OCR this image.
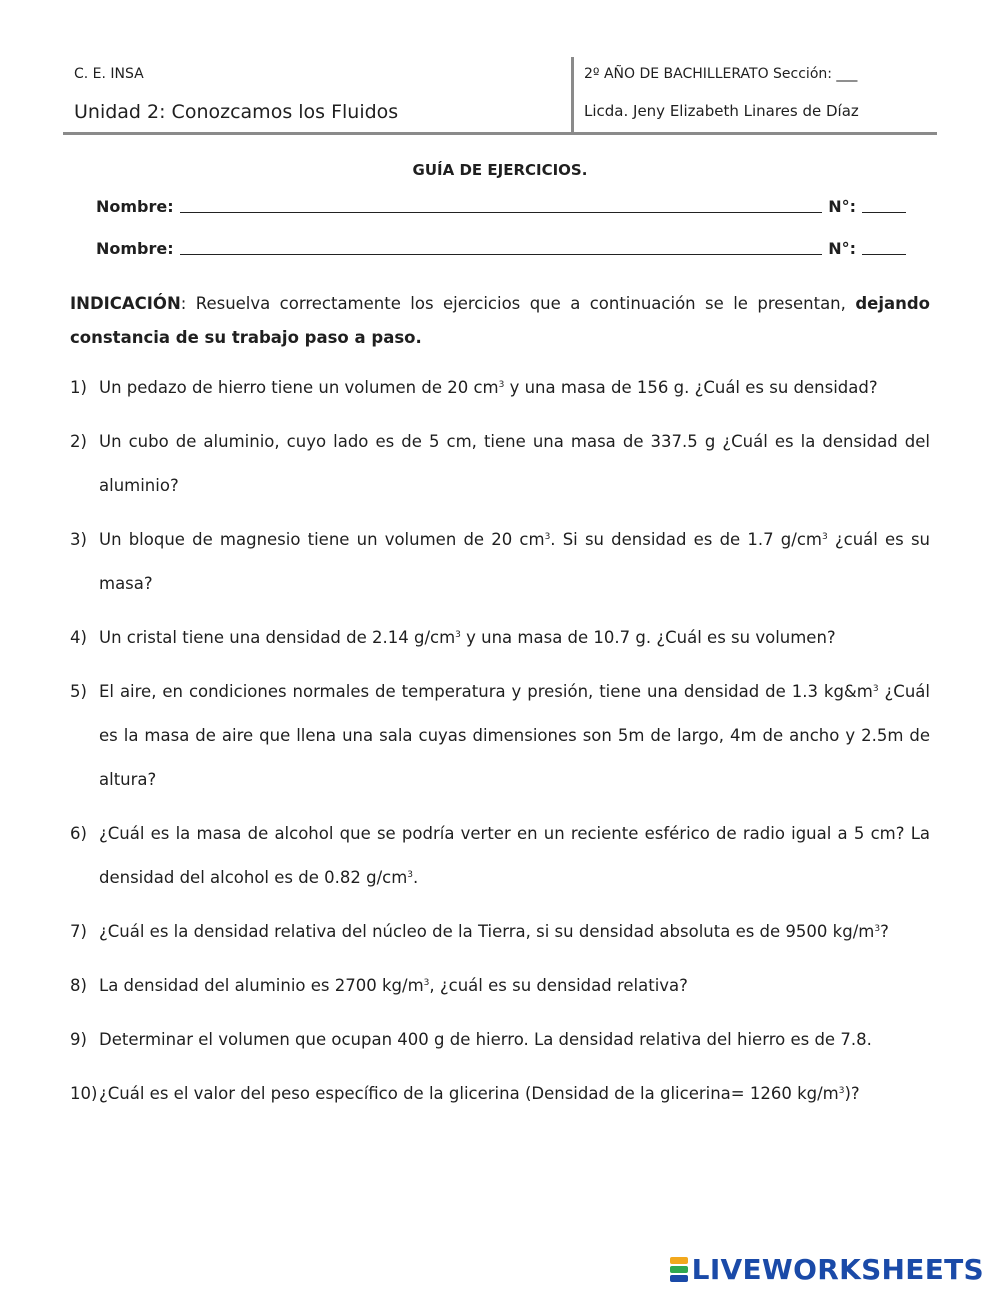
C. E. INSA
Unidad 2: Conozcamos los Fluidos
2º AÑO DE BACHILLERATO Sección: ___
Licda. Jeny Elizabeth Linares de Díaz
GUÍA DE EJERCICIOS.
Nombre:	N°:
Nombre:	N°:
INDICACIÓN: Resuelva correctamente los ejercicios que a continuación se le presentan, dejando constancia de su trabajo paso a paso.
1) Un pedazo de hierro tiene un volumen de 20 $cm^3$ y una masa de 156 g. ¿Cuál es su densidad?
2) Un cubo de aluminio, cuyo lado es de 5 cm, tiene una masa de 337.5 g ¿Cuál es la densidad del aluminio?
3) Un bloque de magnesio tiene un volumen de 20 $cm^3$. Si su densidad es de 1.7 $g/cm^3$ ¿cuál es su masa?
4) Un cristal tiene una densidad de 2.14 $g/cm^3$ y una masa de 10.7 g. ¿Cuál es su volumen?
5) El aire, en condiciones normales de temperatura y presión, tiene una densidad de 1.3 $kg\&m^3$ ¿Cuál es la masa de aire que llena una sala cuyas dimensiones son 5m de largo, 4m de ancho y 2.5m de altura?
6) ¿Cuál es la masa de alcohol que se podría verter en un reciente esférico de radio igual a 5 cm? La densidad del alcohol es de 0.82 $g/cm^3$.
7) ¿Cuál es la densidad relativa del núcleo de la Tierra, si su densidad absoluta es de 9500 $kg/m^3$?
8) La densidad del aluminio es 2700 $kg/m^3$, ¿cuál es su densidad relativa?
9) Determinar el volumen que ocupan 400 g de hierro. La densidad relativa del hierro es de 7.8.
10) ¿Cuál es el valor del peso específico de la glicerina (Densidad de la glicerina= 1260 $kg/m^3$)?
LIVEWORKSHEETS
